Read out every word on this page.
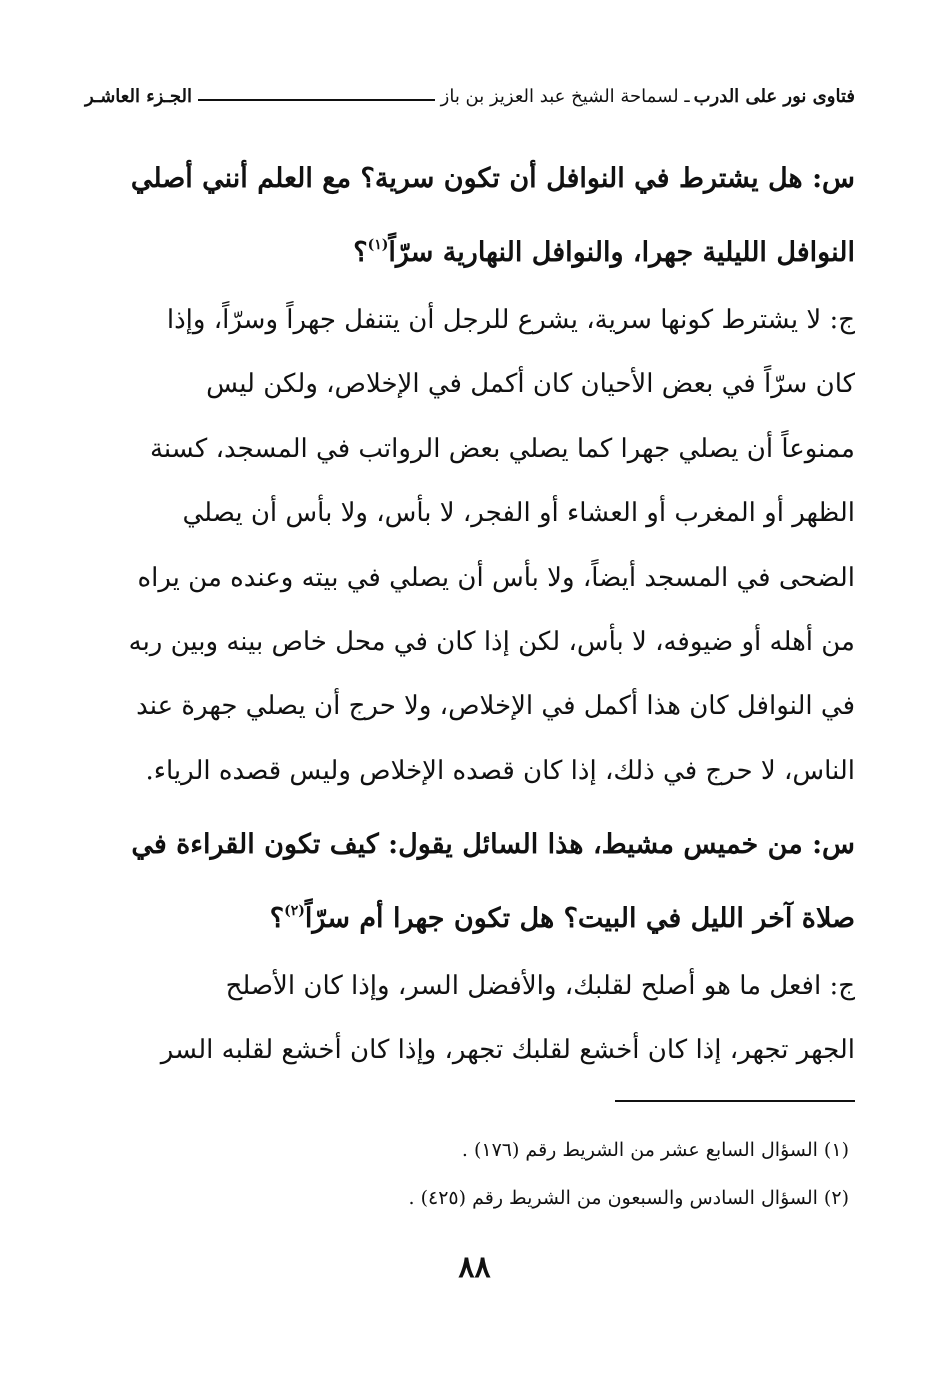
فتاوى نور على الدرب
ـ لسماحة الشيخ عبد العزيز بن باز
الجـزء العاشـر
س: هل يشترط في النوافل أن تكون سرية؟ مع العلم أنني أصلي
النوافل الليلية جهرا، والنوافل النهارية سرّاً$^{(١)}$؟
ج: لا يشترط كونها سرية، يشرع للرجل أن يتنفل جهراً وسرّاً، وإذا
كان سرّاً في بعض الأحيان كان أكمل في الإخلاص، ولكن ليس
ممنوعاً أن يصلي جهرا كما يصلي بعض الرواتب في المسجد، كسنة
الظهر أو المغرب أو العشاء أو الفجر، لا بأس، ولا بأس أن يصلي
الضحى في المسجد أيضاً، ولا بأس أن يصلي في بيته وعنده من يراه
من أهله أو ضيوفه، لا بأس، لكن إذا كان في محل خاص بينه وبين ربه
في النوافل كان هذا أكمل في الإخلاص، ولا حرج أن يصلي جهرة عند
الناس، لا حرج في ذلك، إذا كان قصده الإخلاص وليس قصده الرياء.
س: من خميس مشيط، هذا السائل يقول: كيف تكون القراءة في
صلاة آخر الليل في البيت؟ هل تكون جهرا أم سرّاً$^{(٢)}$؟
ج: افعل ما هو أصلح لقلبك، والأفضل السر، وإذا كان الأصلح
الجهر تجهر، إذا كان أخشع لقلبك تجهر، وإذا كان أخشع لقلبه السر
(١) السؤال السابع عشر من الشريط رقم (١٧٦) .
(٢) السؤال السادس والسبعون من الشريط رقم (٤٢٥) .
٨٨
